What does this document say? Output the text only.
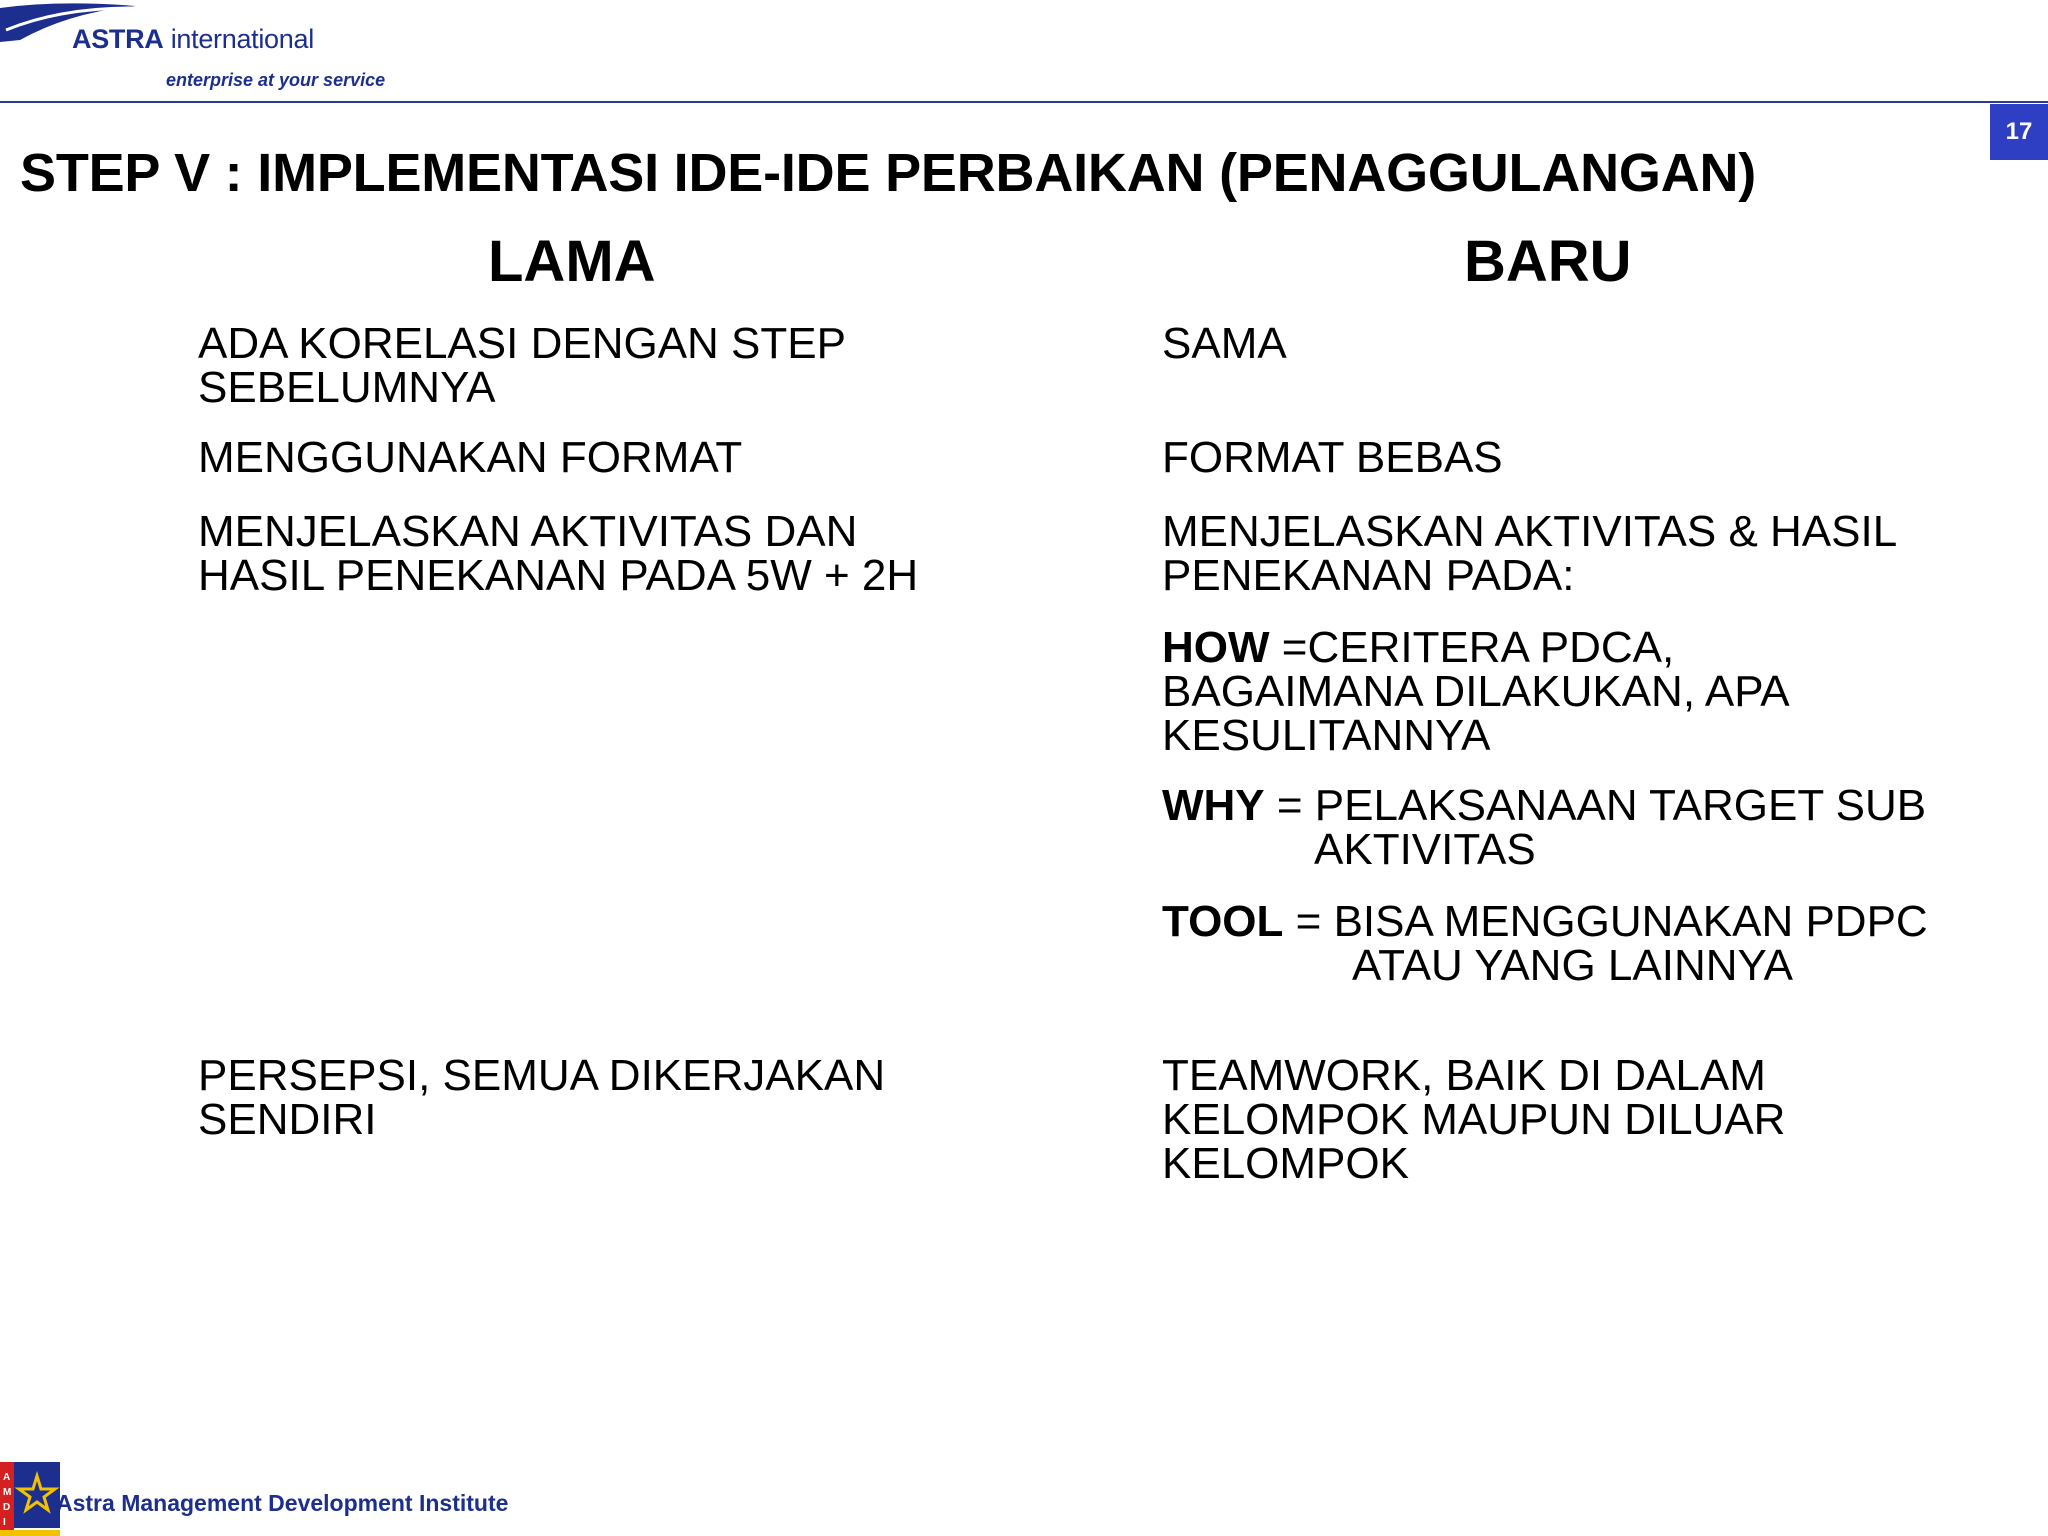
ASTRA international
enterprise at your service
17
STEP V : IMPLEMENTASI IDE-IDE PERBAIKAN (PENAGGULANGAN)
LAMA	BARU
ADA KORELASI DENGAN STEP
SEBELUMNYA
MENGGUNAKAN FORMAT
MENJELASKAN AKTIVITAS DAN
HASIL PENEKANAN PADA 5W + 2H
PERSEPSI, SEMUA DIKERJAKAN
SENDIRI
SAMA
FORMAT BEBAS
MENJELASKAN AKTIVITAS & HASIL
PENEKANAN PADA:
HOW =CERITERA PDCA,
BAGAIMANA DILAKUKAN, APA
KESULITANNYA
WHY = PELAKSANAAN TARGET SUB
AKTIVITAS
TOOL = BISA MENGGUNAKAN PDPC
ATAU YANG LAINNYA
TEAMWORK, BAIK DI DALAM
KELOMPOK MAUPUN DILUAR
KELOMPOK
A
M
D
I
Astra Management Development Institute
